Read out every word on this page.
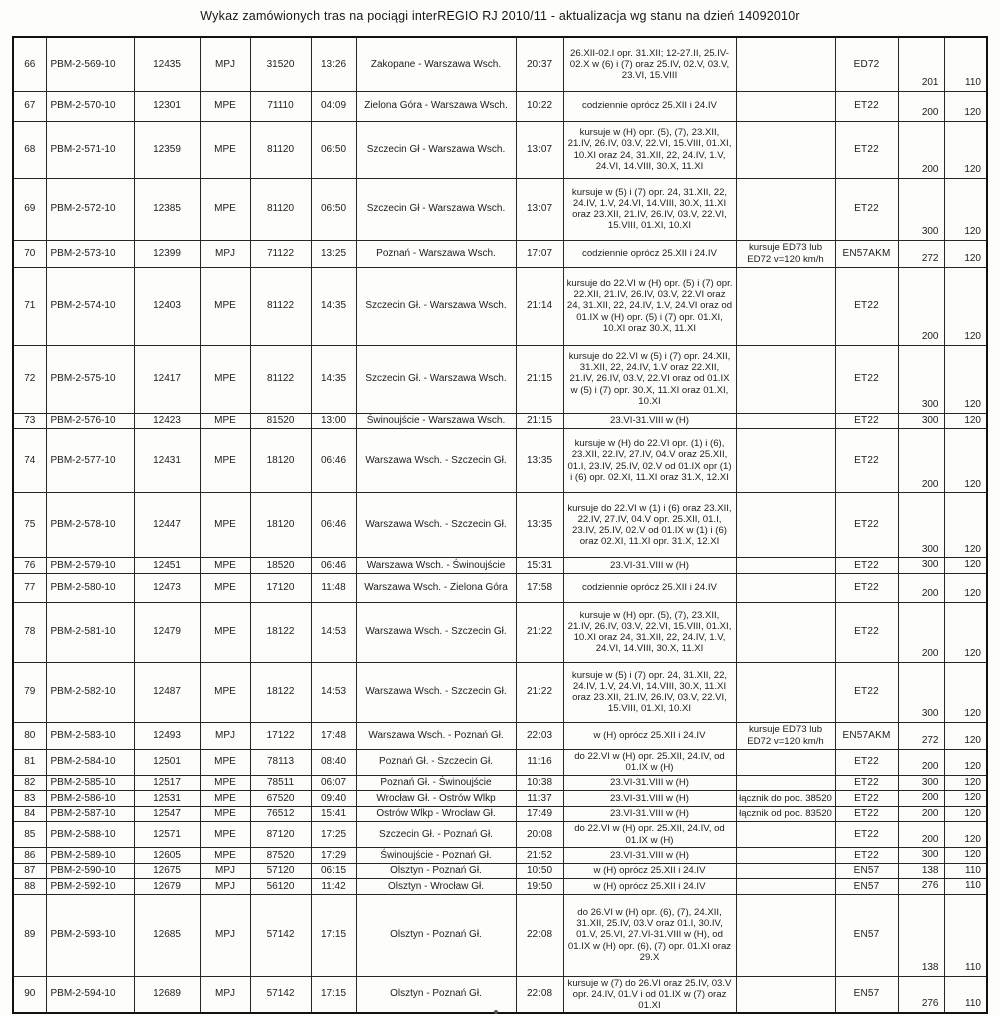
Wykaz zamówionych tras na pociągi interREGIO RJ 2010/11 - aktualizacja wg stanu na dzień 14092010r
66	PBM-2-569-10	12435	MPJ	31520	13:26	Zakopane - Warszawa Wsch.	20:37	26.XII-02.I opr. 31.XII; 12-27.II, 25.IV-02.X w (6) i (7) oraz 25.IV, 02.V, 03.V, 23.VI, 15.VIII		ED72	201	110
67	PBM-2-570-10	12301	MPE	71110	04:09	Zielona Góra - Warszawa Wsch.	10:22	codziennie oprócz 25.XII i 24.IV		ET22	200	120
68	PBM-2-571-10	12359	MPE	81120	06:50	Szczecin Gł - Warszawa Wsch.	13:07	kursuje w (H) opr. (5), (7), 23.XII, 21.IV, 26.IV, 03.V, 22.VI, 15.VIII, 01.XI, 10.XI oraz 24, 31.XII, 22, 24.IV, 1.V, 24.VI, 14.VIII, 30.X, 11.XI		ET22	200	120
69	PBM-2-572-10	12385	MPE	81120	06:50	Szczecin Gł - Warszawa Wsch.	13:07	kursuje w (5) i (7) opr. 24, 31.XII, 22, 24.IV, 1.V, 24.VI, 14.VIII, 30.X, 11.XI oraz 23.XII, 21.IV, 26.IV, 03.V, 22.VI, 15.VIII, 01.XI, 10.XI		ET22	300	120
70	PBM-2-573-10	12399	MPJ	71122	13:25	Poznań - Warszawa Wsch.	17:07	codziennie oprócz 25.XII i 24.IV	kursuje ED73 lub ED72 v=120 km/h	EN57AKM	272	120
71	PBM-2-574-10	12403	MPE	81122	14:35	Szczecin Gł. - Warszawa Wsch.	21:14	kursuje do 22.VI w (H) opr. (5) i (7) opr. 22.XII, 21.IV, 26.IV, 03.V, 22.VI oraz 24, 31.XII, 22, 24.IV, 1.V, 24.VI oraz od 01.IX w (H) opr. (5) i (7) opr. 01.XI, 10.XI oraz 30.X, 11.XI		ET22	200	120
72	PBM-2-575-10	12417	MPE	81122	14:35	Szczecin Gł. - Warszawa Wsch.	21:15	kursuje do 22.VI w (5) i (7) opr. 24.XII, 31.XII, 22, 24.IV, 1.V oraz 22.XII, 21.IV, 26.IV, 03.V, 22.VI oraz od 01.IX w (5) i (7) opr. 30.X, 11.XI oraz 01.XI, 10.XI		ET22	300	120
73	PBM-2-576-10	12423	MPE	81520	13:00	Świnoujście - Warszawa Wsch.	21:15	23.VI-31.VIII w (H)		ET22	300	120
74	PBM-2-577-10	12431	MPE	18120	06:46	Warszawa Wsch. - Szczecin Gł.	13:35	kursuje w (H) do 22.VI opr. (1) i (6), 23.XII, 22.IV, 27.IV, 04.V oraz 25.XII, 01.I, 23.IV, 25.IV, 02.V od 01.IX opr (1) i (6) opr. 02.XI, 11.XI oraz 31.X, 12.XI		ET22	200	120
75	PBM-2-578-10	12447	MPE	18120	06:46	Warszawa Wsch. - Szczecin Gł.	13:35	kursuje do 22.VI w (1) i (6) oraz 23.XII, 22.IV, 27.IV, 04.V opr. 25.XII, 01.I, 23.IV, 25.IV, 02.V od 01.IX w (1) i (6) oraz 02.XI, 11.XI opr. 31.X, 12.XI		ET22	300	120
76	PBM-2-579-10	12451	MPE	18520	06:46	Warszawa Wsch. - Świnoujście	15:31	23.VI-31.VIII w (H)		ET22	300	120
77	PBM-2-580-10	12473	MPE	17120	11:48	Warszawa Wsch. - Zielona Góra	17:58	codziennie oprócz 25.XII i 24.IV		ET22	200	120
78	PBM-2-581-10	12479	MPE	18122	14:53	Warszawa Wsch. - Szczecin Gł.	21:22	kursuje w (H) opr. (5), (7), 23.XII, 21.IV, 26.IV, 03.V, 22.VI, 15.VIII, 01.XI, 10.XI oraz 24, 31.XII, 22, 24.IV, 1.V, 24.VI, 14.VIII, 30.X, 11.XI		ET22	200	120
79	PBM-2-582-10	12487	MPE	18122	14:53	Warszawa Wsch. - Szczecin Gł.	21:22	kursuje w (5) i (7) opr. 24, 31.XII, 22, 24.IV, 1.V, 24.VI, 14.VIII, 30.X, 11.XI oraz 23.XII, 21.IV, 26.IV, 03.V, 22.VI, 15.VIII, 01.XI, 10.XI		ET22	300	120
80	PBM-2-583-10	12493	MPJ	17122	17:48	Warszawa Wsch. - Poznań Gł.	22:03	w (H) oprócz 25.XII i 24.IV	kursuje ED73 lub ED72 v=120 km/h	EN57AKM	272	120
81	PBM-2-584-10	12501	MPE	78113	08:40	Poznań Gł. - Szczecin Gł.	11:16	do 22.VI w (H) opr. 25.XII, 24.IV, od 01.IX w (H)		ET22	200	120
82	PBM-2-585-10	12517	MPE	78511	06:07	Poznań Gł. - Świnoujście	10:38	23.VI-31.VIII w (H)		ET22	300	120
83	PBM-2-586-10	12531	MPE	67520	09:40	Wrocław Gł. - Ostrów Wlkp	11:37	23.VI-31.VIII w (H)	łącznik do poc. 38520	ET22	200	120
84	PBM-2-587-10	12547	MPE	76512	15:41	Ostrów Wlkp - Wrocław Gł.	17:49	23.VI-31.VIII w (H)	łącznik od poc. 83520	ET22	200	120
85	PBM-2-588-10	12571	MPE	87120	17:25	Szczecin Gł. - Poznań Gł.	20:08	do 22.VI w (H) opr. 25.XII, 24.IV, od 01.IX w (H)		ET22	200	120
86	PBM-2-589-10	12605	MPE	87520	17:29	Świnoujście - Poznań Gł.	21:52	23.VI-31.VIII w (H)		ET22	300	120
87	PBM-2-590-10	12675	MPJ	57120	06:15	Olsztyn - Poznań Gł.	10:50	w (H) oprócz 25.XII i 24.IV		EN57	138	110
88	PBM-2-592-10	12679	MPJ	56120	11:42	Olsztyn - Wrocław Gł.	19:50	w (H) oprócz 25.XII i 24.IV		EN57	276	110
89	PBM-2-593-10	12685	MPJ	57142	17:15	Olsztyn - Poznań Gł.	22:08	do 26.VI w (H) opr. (6), (7), 24.XII, 31.XII, 25.IV, 03.V oraz 01.I, 30.IV, 01.V, 25.VI, 27.VI-31.VIII w (H), od 01.IX w (H) opr. (6), (7) opr. 01.XI oraz 29.X		EN57	138	110
90	PBM-2-594-10	12689	MPJ	57142	17:15	Olsztyn - Poznań Gł.	22:08	kursuje w (7) do 26.VI oraz 25.IV, 03.V opr. 24.IV, 01.V i od 01.IX w (7) oraz 01.XI		EN57	276	110
